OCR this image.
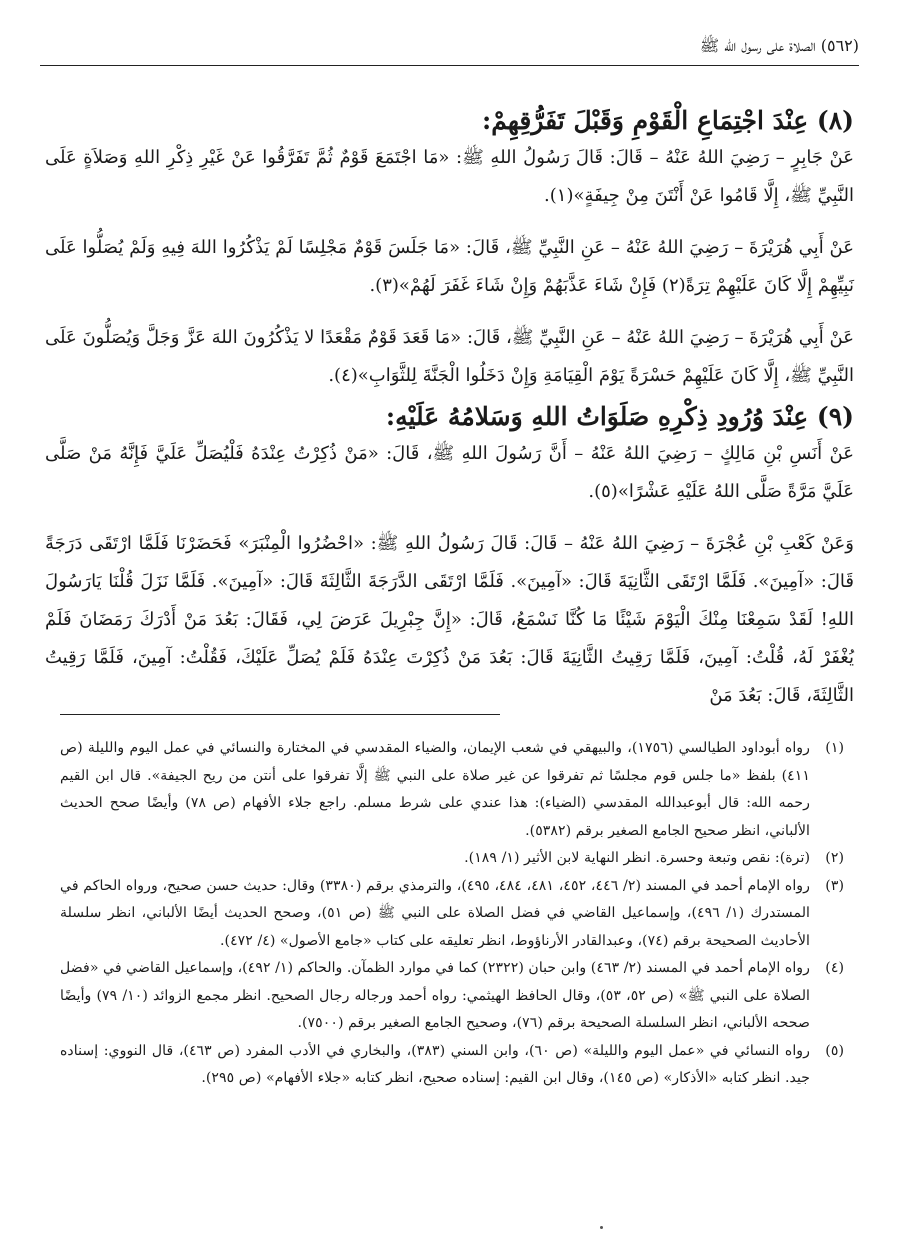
(٥٦٢) الصلاة على رسول الله ﷺ
(٨) عِنْدَ اجْتِمَاعِ الْقَوْمِ وَقَبْلَ تَفَرُّقِهِمْ:

عَنْ جَابِرٍ – رَضِيَ اللهُ عَنْهُ – قَالَ: قَالَ رَسُولُ اللهِ ﷺ: «مَا اجْتَمَعَ قَوْمٌ ثُمَّ تَفَرَّقُوا عَنْ غَيْرِ ذِكْرِ اللهِ وَصَلاَةٍ عَلَى النَّبِيِّ ﷺ، إِلَّا قَامُوا عَنْ أَنْتَنَ مِنْ جِيفَةٍ»(١).

عَنْ أَبِي هُرَيْرَةَ – رَضِيَ اللهُ عَنْهُ – عَنِ النَّبِيِّ ﷺ، قَالَ: «مَا جَلَسَ قَوْمٌ مَجْلِسًا لَمْ يَذْكُرُوا اللهَ فِيهِ وَلَمْ يُصَلُّوا عَلَى نَبِيِّهِمْ إِلَّا كَانَ عَلَيْهِمْ تِرَةً(٢) فَإِنْ شَاءَ عَذَّبَهُمْ وَإِنْ شَاءَ غَفَرَ لَهُمْ»(٣).

عَنْ أَبِي هُرَيْرَةَ – رَضِيَ اللهُ عَنْهُ – عَنِ النَّبِيِّ ﷺ، قَالَ: «مَا قَعَدَ قَوْمٌ مَقْعَدًا لا يَذْكُرُونَ اللهَ عَزَّ وَجَلَّ وَيُصَلُّونَ عَلَى النَّبِيِّ ﷺ، إِلَّا كَانَ عَلَيْهِمْ حَسْرَةً يَوْمَ الْقِيَامَةِ وَإِنْ دَخَلُوا الْجَنَّةَ لِلثَّوَابِ»(٤).

(٩) عِنْدَ وُرُودِ ذِكْرِهِ صَلَوَاتُ اللهِ وَسَلامُهُ عَلَيْهِ:

عَنْ أَنَسِ بْنِ مَالِكٍ – رَضِيَ اللهُ عَنْهُ – أَنَّ رَسُولَ اللهِ ﷺ، قَالَ: «مَنْ ذُكِرْتُ عِنْدَهُ فَلْيُصَلِّ عَلَيَّ فَإِنَّهُ مَنْ صَلَّى عَلَيَّ مَرَّةً صَلَّى اللهُ عَلَيْهِ عَشْرًا»(٥).

وَعَنْ كَعْبِ بْنِ عُجْرَةَ – رَضِيَ اللهُ عَنْهُ – قَالَ: قَالَ رَسُولُ اللهِ ﷺ: «احْضُرُوا الْمِنْبَرَ» فَحَضَرْنَا فَلَمَّا ارْتَقَى دَرَجَةً قَالَ: «آمِينَ». فَلَمَّا ارْتَقَى الثَّانِيَةَ قَالَ: «آمِينَ». فَلَمَّا ارْتَقَى الدَّرَجَةَ الثَّالِثَةَ قَالَ: «آمِينَ». فَلَمَّا نَزَلَ قُلْنَا يَارَسُولَ اللهِ! لَقَدْ سَمِعْنَا مِنْكَ الْيَوْمَ شَيْئًا مَا كُنَّا نَسْمَعُ، قَالَ: «إِنَّ جِبْرِيلَ عَرَضَ لِي، فَقَالَ: بَعُدَ مَنْ أَدْرَكَ رَمَضَانَ فَلَمْ يُغْفَرْ لَهُ، قُلْتُ: آمِينَ، فَلَمَّا رَقِيتُ الثَّانِيَةَ قَالَ: بَعُدَ مَنْ ذُكِرْتَ عِنْدَهُ فَلَمْ يُصَلِّ عَلَيْكَ، فَقُلْتُ: آمِينَ، فَلَمَّا رَقِيتُ الثَّالِثَةَ، قَالَ: بَعُدَ مَنْ

(١)
رواه أبوداود الطيالسي (١٧٥٦)، والبيهقي في شعب الإيمان، والضياء المقدسي في المختارة والنسائي في عمل اليوم والليلة (ص ٤١١) بلفظ «ما جلس قوم مجلسًا ثم تفرقوا عن غير صلاة على النبي ﷺ إلَّا تفرقوا على أنتن من ريح الجيفة». قال ابن القيم رحمه الله: قال أبوعبدالله المقدسي (الضياء): هذا عندي على شرط مسلم. راجع جلاء الأفهام (ص ٧٨) وأيضًا صحح الحديث الألباني، انظر صحيح الجامع الصغير برقم (٥٣٨٢).
(٢)
(ترة): نقص وتبعة وحسرة. انظر النهاية لابن الأثير (١/ ١٨٩).
(٣)
رواه الإمام أحمد في المسند (٢/ ٤٤٦، ٤٥٢، ٤٨١، ٤٨٤، ٤٩٥)، والترمذي برقم (٣٣٨٠) وقال: حديث حسن صحيح، ورواه الحاكم في المستدرك (١/ ٤٩٦)، وإسماعيل القاضي في فضل الصلاة على النبي ﷺ (ص ٥١)، وصحح الحديث أيضًا الألباني، انظر سلسلة الأحاديث الصحيحة برقم (٧٤)، وعبدالقادر الأرناؤوط، انظر تعليقه على كتاب «جامع الأصول» (٤/ ٤٧٢).
(٤)
رواه الإمام أحمد في المسند (٢/ ٤٦٣) وابن حبان (٢٣٢٢) كما في موارد الظمآن. والحاكم (١/ ٤٩٢)، وإسماعيل القاضي في «فضل الصلاة على النبي ﷺ» (ص ٥٢، ٥٣)، وقال الحافظ الهيثمي: رواه أحمد ورجاله رجال الصحيح. انظر مجمع الزوائد (١٠/ ٧٩) وأيضًا صححه الألباني، انظر السلسلة الصحيحة برقم (٧٦)، وصحيح الجامع الصغير برقم (٧٥٠٠).
(٥)
رواه النسائي في «عمل اليوم والليلة» (ص ٦٠)، وابن السني (٣٨٣)، والبخاري في الأدب المفرد (ص ٤٦٣)، قال النووي: إسناده جيد. انظر كتابه «الأذكار» (ص ١٤٥)، وقال ابن القيم: إسناده صحيح، انظر كتابه «جلاء الأفهام» (ص ٢٩٥).
